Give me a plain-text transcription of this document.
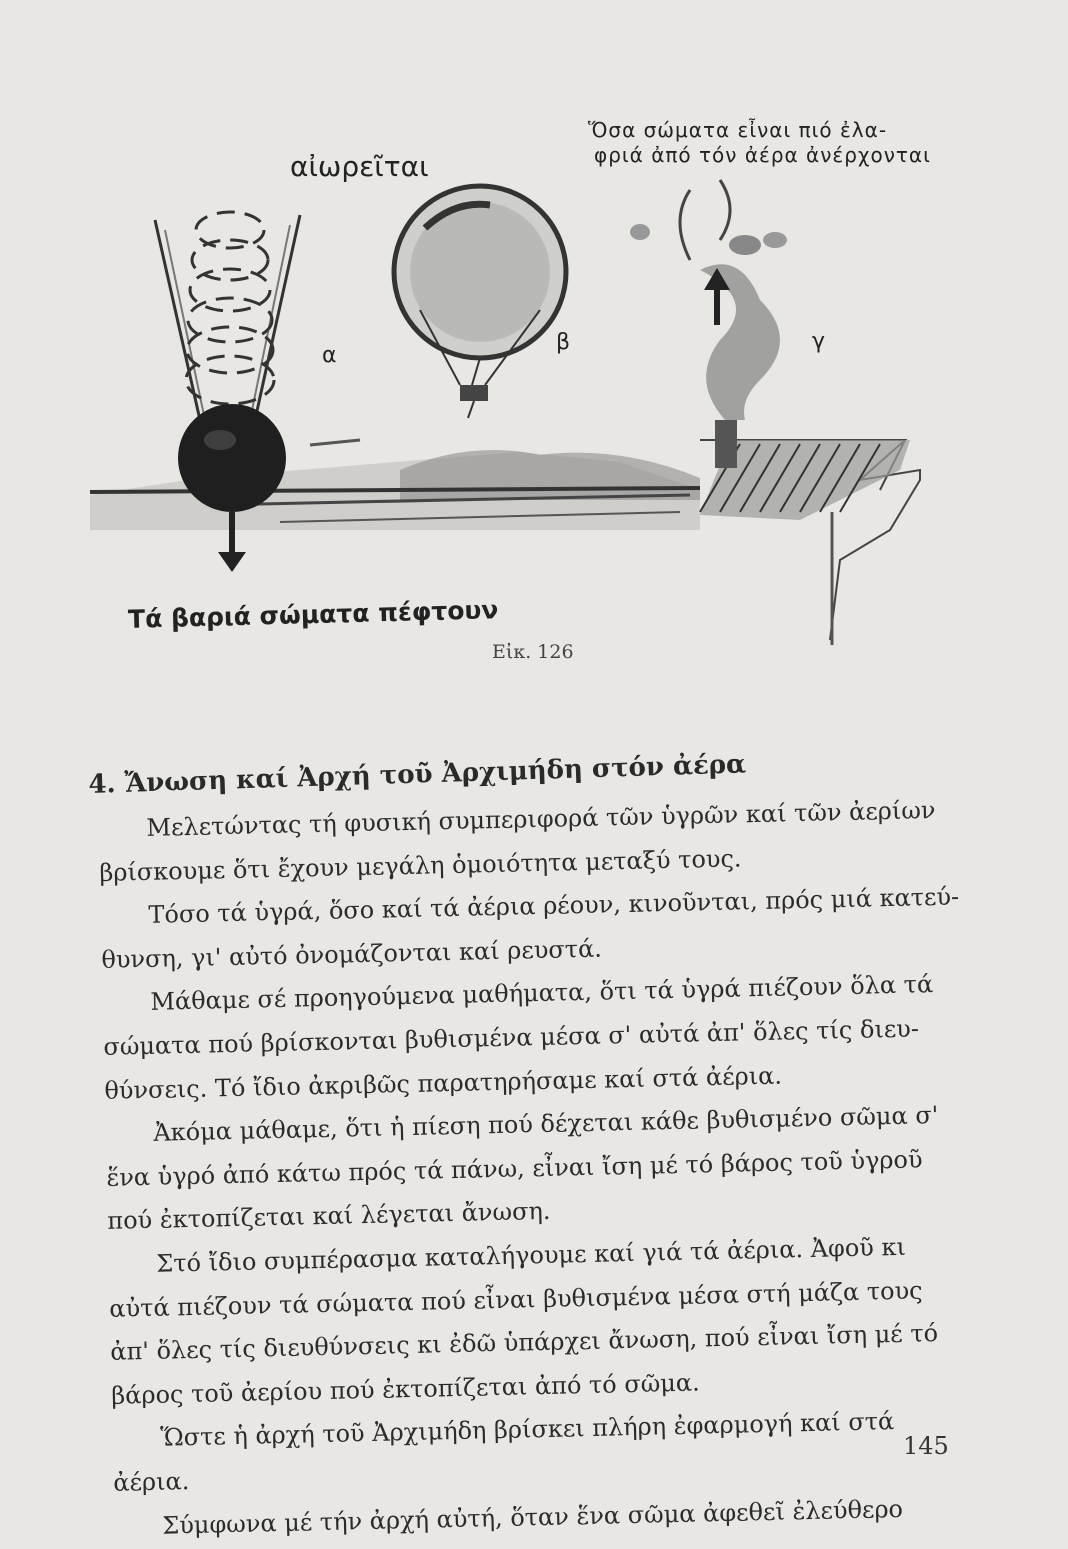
αἰωρεῖται
Ὅσα σώματα εἶναι πιό ἐλα-
φριά ἀπό τόν ἀέρα ἀνέρχονται
Τά βαριά σώματα πέφτουν
α
β	γ
Εἰκ. 126
4. Ἄνωση καί Ἀρχή τοῦ Ἀρχιμήδη στόν ἀέρα
Μελετώντας τή φυσική συμπεριφορά τῶν ὑγρῶν καί τῶν ἀερίων
βρίσκουμε ὅτι ἔχουν μεγάλη ὁμοιότητα μεταξύ τους.
Τόσο τά ὑγρά, ὅσο καί τά ἀέρια ρέουν, κινοῦνται, πρός μιά κατεύ-
θυνση, γι' αὐτό ὀνομάζονται καί ρευστά.
Μάθαμε σέ προηγούμενα μαθήματα, ὅτι τά ὑγρά πιέζουν ὅλα τά
σώματα πού βρίσκονται βυθισμένα μέσα σ' αὐτά ἀπ' ὅλες τίς διευ-
θύνσεις. Τό ἴδιο ἀκριβῶς παρατηρήσαμε καί στά ἀέρια.
Ἀκόμα μάθαμε, ὅτι ἡ πίεση πού δέχεται κάθε βυθισμένο σῶμα σ'
ἕνα ὑγρό ἀπό κάτω πρός τά πάνω, εἶναι ἴση μέ τό βάρος τοῦ ὑγροῦ
πού ἐκτοπίζεται καί λέγεται ἄνωση.
Στό ἴδιο συμπέρασμα καταλήγουμε καί γιά τά ἀέρια. Ἀφοῦ κι
αὐτά πιέζουν τά σώματα πού εἶναι βυθισμένα μέσα στή μάζα τους
ἀπ' ὅλες τίς διευθύνσεις κι ἐδῶ ὑπάρχει ἄνωση, πού εἶναι ἴση μέ τό
βάρος τοῦ ἀερίου πού ἐκτοπίζεται ἀπό τό σῶμα.
Ὥστε ἡ ἀρχή τοῦ Ἀρχιμήδη βρίσκει πλήρη ἐφαρμογή καί στά
ἀέρια.
Σύμφωνα μέ τήν ἀρχή αὐτή, ὅταν ἕνα σῶμα ἀφεθεῖ ἐλεύθερο
145
